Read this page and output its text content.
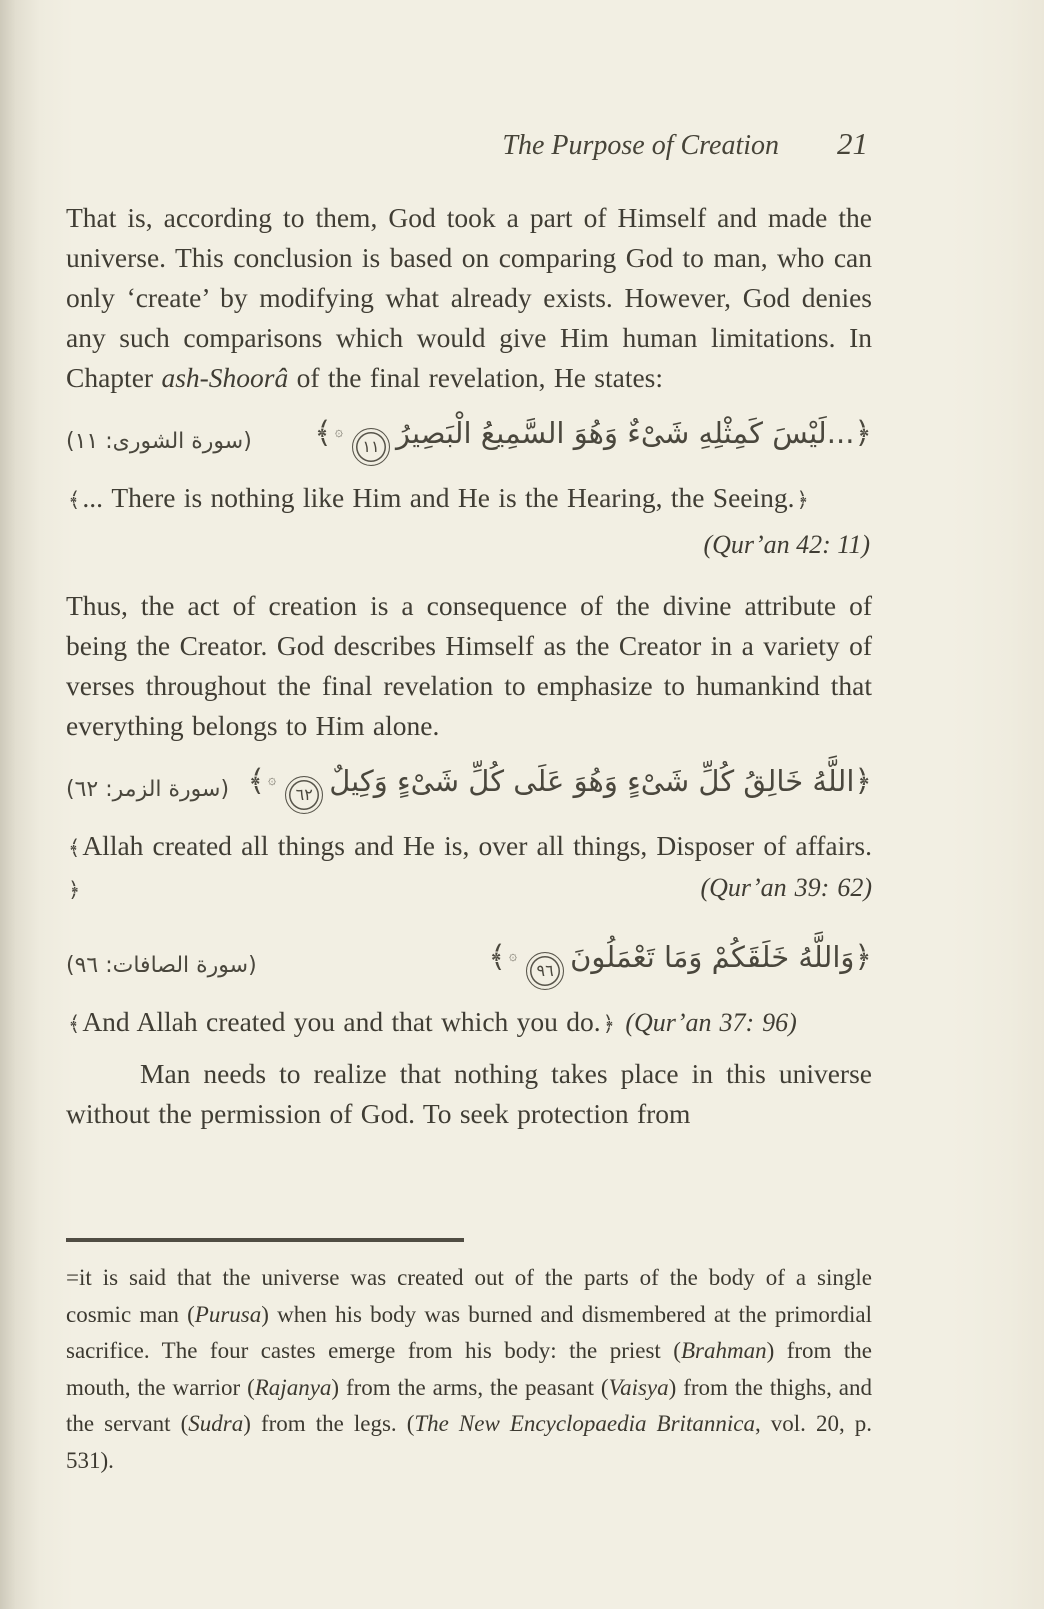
The Purpose of Creation 21

That is, according to them, God took a part of Himself and made the universe. This conclusion is based on comparing God to man, who can only ‘create’ by modifying what already exists. However, God denies any such comparisons which would give Him human limitations. In Chapter ash-Shoorâ of the final revelation, He states:

(سورة الشورى: ١١)	﴿...لَيْسَ كَمِثْلِهِ شَىْءٌ وَهُوَ السَّمِيعُ الْبَصِيرُ١١۞﴾

﴾... There is nothing like Him and He is the Hearing, the Seeing.﴿

(Qur’an 42: 11)

Thus, the act of creation is a consequence of the divine attribute of being the Creator. God describes Himself as the Creator in a variety of verses throughout the final revelation to emphasize to humankind that everything belongs to Him alone.

(سورة الزمر: ٦٢)	﴿اللَّهُ خَالِقُ كُلِّ شَىْءٍ وَهُوَ عَلَى كُلِّ شَىْءٍ وَكِيلٌ٦٢۞﴾

﴾Allah created all things and He is, over all things, Disposer of affairs.﴿	(Qur’an 39: 62)

(سورة الصافات: ٩٦)	﴿وَاللَّهُ خَلَقَكُمْ وَمَا تَعْمَلُونَ٩٦۞﴾

﴾And Allah created you and that which you do.﴿ (Qur’an 37: 96)

Man needs to realize that nothing takes place in this universe without the permission of God. To seek protection from

=it is said that the universe was created out of the parts of the body of a single cosmic man (Purusa) when his body was burned and dismembered at the primordial sacrifice. The four castes emerge from his body: the priest (Brahman) from the mouth, the warrior (Rajanya) from the arms, the peasant (Vaisya) from the thighs, and the servant (Sudra) from the legs. (The New Encyclopaedia Britannica, vol. 20, p. 531).
